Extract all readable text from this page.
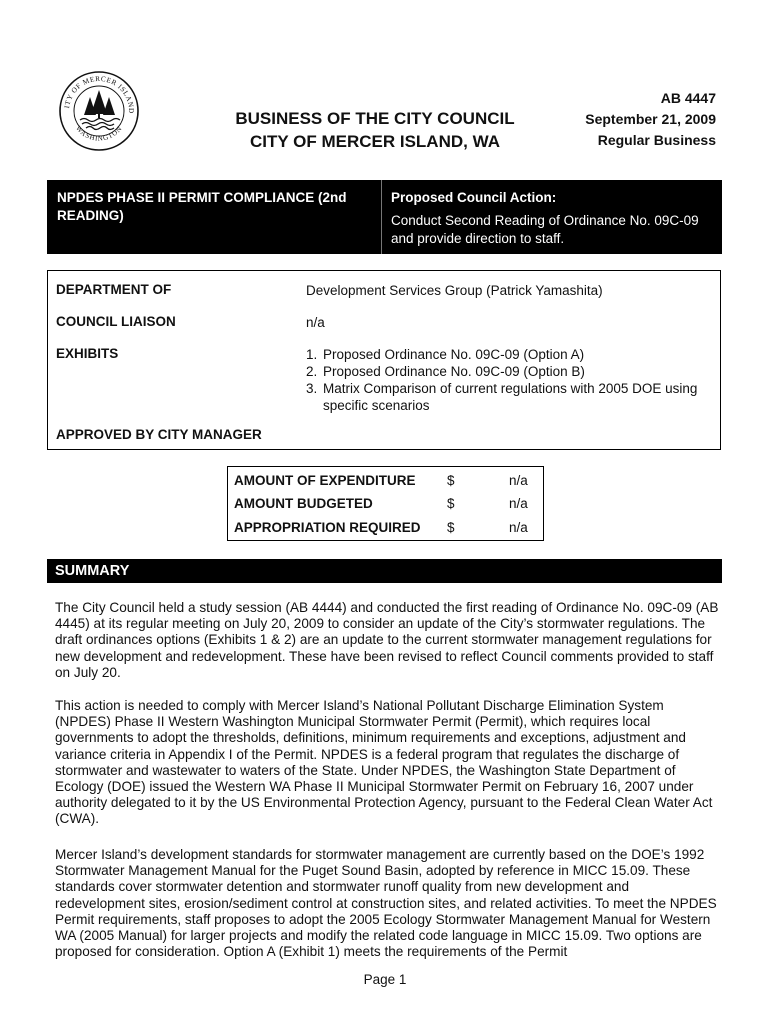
ITY OF MERCER ISLAND
WASHINGTON
BUSINESS OF THE CITY COUNCIL
CITY OF MERCER ISLAND, WA
AB 4447
September 21, 2009
Regular Business
NPDES PHASE II PERMIT COMPLIANCE (2nd READING)
Proposed Council Action:
Conduct Second Reading of Ordinance No. 09C-09 and provide direction to staff.
DEPARTMENT OF	Development Services Group (Patrick Yamashita)
COUNCIL LIAISON	n/a
EXHIBITS	1. Proposed Ordinance No. 09C-09 (Option A)
2. Proposed Ordinance No. 09C-09 (Option B)
3. Matrix Comparison of current regulations with 2005 DOE using specific scenarios
APPROVED BY CITY MANAGER
AMOUNT OF EXPENDITURE $	n/a
AMOUNT BUDGETED	$	n/a
APPROPRIATION REQUIRED $	n/a
SUMMARY
The City Council held a study session (AB 4444) and conducted the first reading of Ordinance No. 09C-09 (AB 4445) at its regular meeting on July 20, 2009 to consider an update of the City’s stormwater regulations. The draft ordinances options (Exhibits 1 & 2) are an update to the current stormwater management regulations for new development and redevelopment. These have been revised to reflect Council comments provided to staff on July 20.
This action is needed to comply with Mercer Island’s National Pollutant Discharge Elimination System (NPDES) Phase II Western Washington Municipal Stormwater Permit (Permit), which requires local governments to adopt the thresholds, definitions, minimum requirements and exceptions, adjustment and variance criteria in Appendix I of the Permit. NPDES is a federal program that regulates the discharge of stormwater and wastewater to waters of the State. Under NPDES, the Washington State Department of Ecology (DOE) issued the Western WA Phase II Municipal Stormwater Permit on February 16, 2007 under authority delegated to it by the US Environmental Protection Agency, pursuant to the Federal Clean Water Act (CWA).
Mercer Island’s development standards for stormwater management are currently based on the DOE’s 1992 Stormwater Management Manual for the Puget Sound Basin, adopted by reference in MICC 15.09. These standards cover stormwater detention and stormwater runoff quality from new development and redevelopment sites, erosion/sediment control at construction sites, and related activities. To meet the NPDES Permit requirements, staff proposes to adopt the 2005 Ecology Stormwater Management Manual for Western WA (2005 Manual) for larger projects and modify the related code language in MICC 15.09. Two options are proposed for consideration. Option A (Exhibit 1) meets the requirements of the Permit
Page 1
